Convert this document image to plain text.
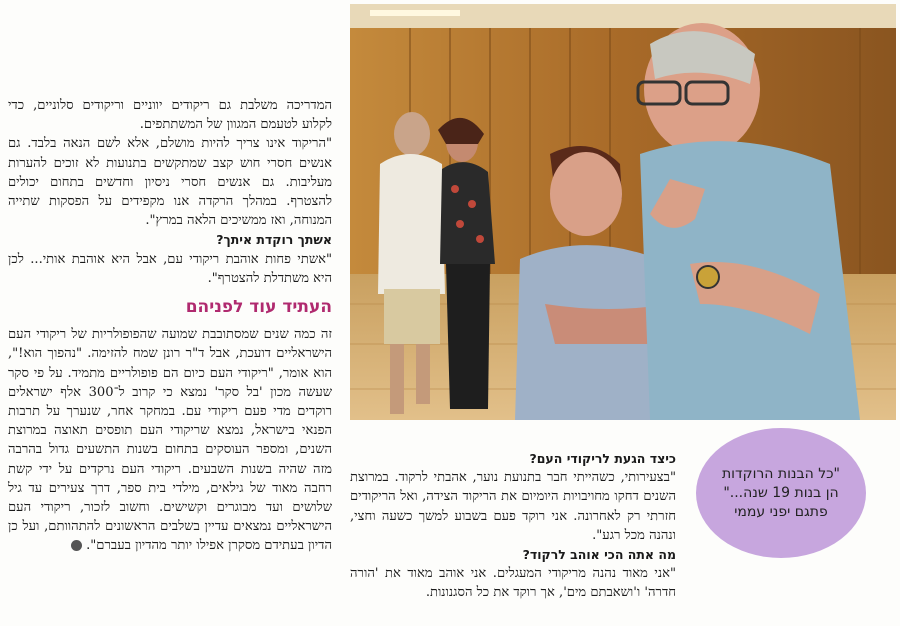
המדריכה משלבת גם ריקודים יווניים וריקודים סלוניים, כדי לקלוע לטעמם המגוון של המשתתפים.

"הריקוד אינו צריך להיות מושלם, אלא לשם הנאה בלבד. גם אנשים חסרי חוש קצב שמתקשים בתנועות לא זוכים להערות מעליבות. גם אנשים חסרי ניסיון וחדשים בתחום יכולים להצטרף. במהלך הרקדה אנו מקפידים על הפסקות שתייה המנוחה, ואז ממשיכים הלאה במרץ".

אשתך רוקדת איתך?

"אשתי פחות אוהבת ריקודי עם, אבל היא אוהבת אותי... לכן היא משתדלת להצטרף".

העתיד עוד לפניהם

זה כמה שנים שמסתובבת שמועה שהפופולריות של ריקודי העם הישראליים דועכת, אבל ד"ר רונן שמח להזימה. "נהפוך הוא!", הוא אומר, "ריקודי העם כיום הם פופולריים מתמיד. על פי סקר שעשה מכון 'בל סקר' נמצא כי קרוב ל־300 אלף ישראלים רוקדים מדי פעם ריקודי עם. במחקר אחר, שנערך על תרבות הפנאי בישראל, נמצא שריקודי העם תופסים תאוצה במרוצת השנים, ומספר העוסקים בתחום בשנות התשעים גדול בהרבה מזה שהיה בשנות השבעים. ריקודי העם נרקדים על ידי קשת רחבה מאוד של גילאים, מילדי בית ספר, דרך צעירים עד גיל שלושים ועד מבוגרים וקשישים. וחשוב לזכור, ריקודי העם הישראליים נמצאים עדיין בשלבים הראשונים להתהוותם, ועל כן הדיון בעתידם מסקרן אפילו יותר מהדיון בעברם".

כיצד הגעת לריקודי העם?

"בצעירותי, כשהייתי חבר בתנועת נוער, אהבתי לרקוד. במרוצת השנים דחקו מחויבויות היומיום את הריקוד הצידה, ואל הריקודים חזרתי רק לאחרונה. אני רוקד פעם בשבוע למשך כשעה וחצי, ונהנה מכל רגע".

מה אתה הכי אוהב לרקוד?

"אני מאוד נהנה מריקודי המעגלים. אני אוהב מאוד את 'הורה חדרה' ו'ושאבתם מים', אך רוקד את כל הסגנונות.

"כל הבנות הרוקדות
הן בנות 19 שנה..."
פתגם יפני עממי
